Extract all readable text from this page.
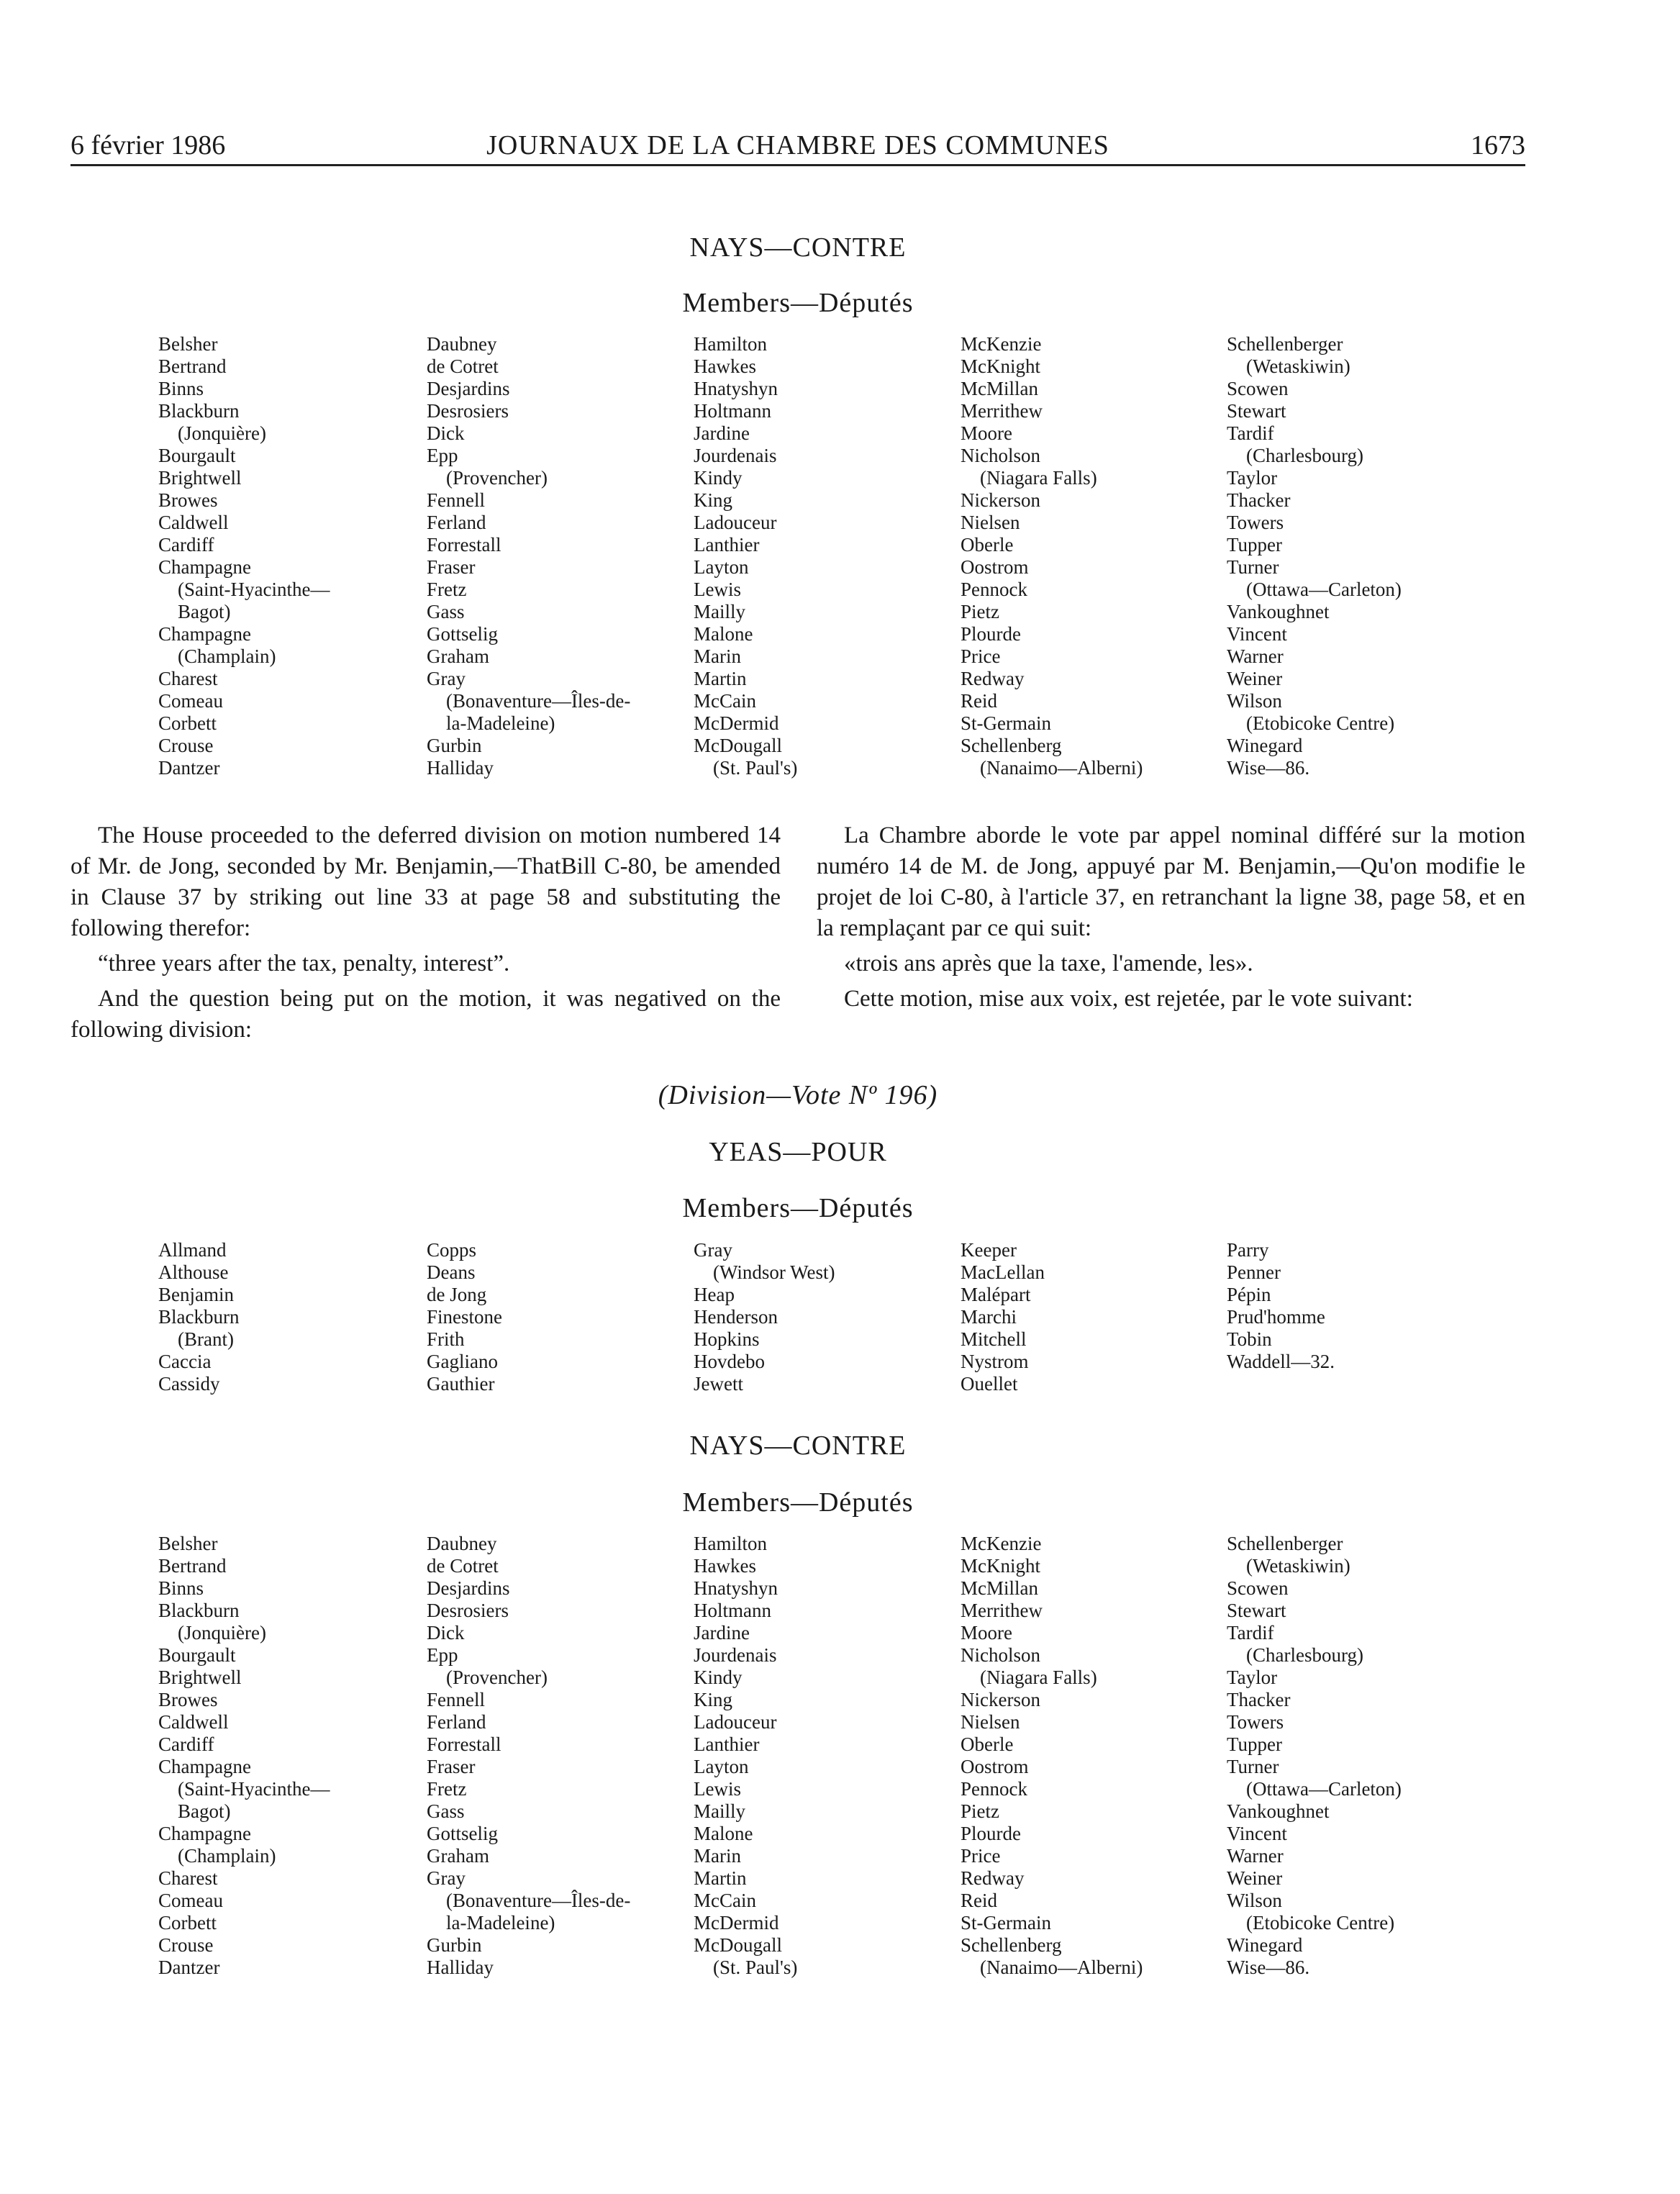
6 février 1986	JOURNAUX DE LA CHAMBRE DES COMMUNES	1673
NAYS—CONTRE
Members—Députés
Belsher
Bertrand
Binns
Blackburn
(Jonquière)
Bourgault
Brightwell
Browes
Caldwell
Cardiff
Champagne
(Saint-Hyacinthe—
Bagot)
Champagne
(Champlain)
Charest
Comeau
Corbett
Crouse
Dantzer
Daubney
de Cotret
Desjardins
Desrosiers
Dick
Epp
(Provencher)
Fennell
Ferland
Forrestall
Fraser
Fretz
Gass
Gottselig
Graham
Gray
(Bonaventure—Îles-de-
la-Madeleine)
Gurbin
Halliday
Hamilton
Hawkes
Hnatyshyn
Holtmann
Jardine
Jourdenais
Kindy
King
Ladouceur
Lanthier
Layton
Lewis
Mailly
Malone
Marin
Martin
McCain
McDermid
McDougall
(St. Paul's)
McKenzie
McKnight
McMillan
Merrithew
Moore
Nicholson
(Niagara Falls)
Nickerson
Nielsen
Oberle
Oostrom
Pennock
Pietz
Plourde
Price
Redway
Reid
St-Germain
Schellenberg
(Nanaimo—Alberni)
Schellenberger
(Wetaskiwin)
Scowen
Stewart
Tardif
(Charlesbourg)
Taylor
Thacker
Towers
Tupper
Turner
(Ottawa—Carleton)
Vankoughnet
Vincent
Warner
Weiner
Wilson
(Etobicoke Centre)
Winegard
Wise—86.
The House proceeded to the deferred division on motion numbered 14 of Mr. de Jong, seconded by Mr. Benjamin,—ThatBill C-80, be amended in Clause 37 by striking out line 33 at page 58 and substituting the following therefor:
“three years after the tax, penalty, interest”.
And the question being put on the motion, it was negatived on the following division:
La Chambre aborde le vote par appel nominal différé sur la motion numéro 14 de M. de Jong, appuyé par M. Benjamin,—Qu'on modifie le projet de loi C-80, à l'article 37, en retranchant la ligne 38, page 58, et en la remplaçant par ce qui suit:
«trois ans après que la taxe, l'amende, les».
Cette motion, mise aux voix, est rejetée, par le vote suivant:
(Division—Vote Nº 196)
YEAS—POUR
Members—Députés
Allmand
Althouse
Benjamin
Blackburn
(Brant)
Caccia
Cassidy
Copps
Deans
de Jong
Finestone
Frith
Gagliano
Gauthier
Gray
(Windsor West)
Heap
Henderson
Hopkins
Hovdebo
Jewett
Keeper
MacLellan
Malépart
Marchi
Mitchell
Nystrom
Ouellet
Parry
Penner
Pépin
Prud'homme
Tobin
Waddell—32.
NAYS—CONTRE
Members—Députés
Belsher
Bertrand
Binns
Blackburn
(Jonquière)
Bourgault
Brightwell
Browes
Caldwell
Cardiff
Champagne
(Saint-Hyacinthe—
Bagot)
Champagne
(Champlain)
Charest
Comeau
Corbett
Crouse
Dantzer
Daubney
de Cotret
Desjardins
Desrosiers
Dick
Epp
(Provencher)
Fennell
Ferland
Forrestall
Fraser
Fretz
Gass
Gottselig
Graham
Gray
(Bonaventure—Îles-de-
la-Madeleine)
Gurbin
Halliday
Hamilton
Hawkes
Hnatyshyn
Holtmann
Jardine
Jourdenais
Kindy
King
Ladouceur
Lanthier
Layton
Lewis
Mailly
Malone
Marin
Martin
McCain
McDermid
McDougall
(St. Paul's)
McKenzie
McKnight
McMillan
Merrithew
Moore
Nicholson
(Niagara Falls)
Nickerson
Nielsen
Oberle
Oostrom
Pennock
Pietz
Plourde
Price
Redway
Reid
St-Germain
Schellenberg
(Nanaimo—Alberni)
Schellenberger
(Wetaskiwin)
Scowen
Stewart
Tardif
(Charlesbourg)
Taylor
Thacker
Towers
Tupper
Turner
(Ottawa—Carleton)
Vankoughnet
Vincent
Warner
Weiner
Wilson
(Etobicoke Centre)
Winegard
Wise—86.
